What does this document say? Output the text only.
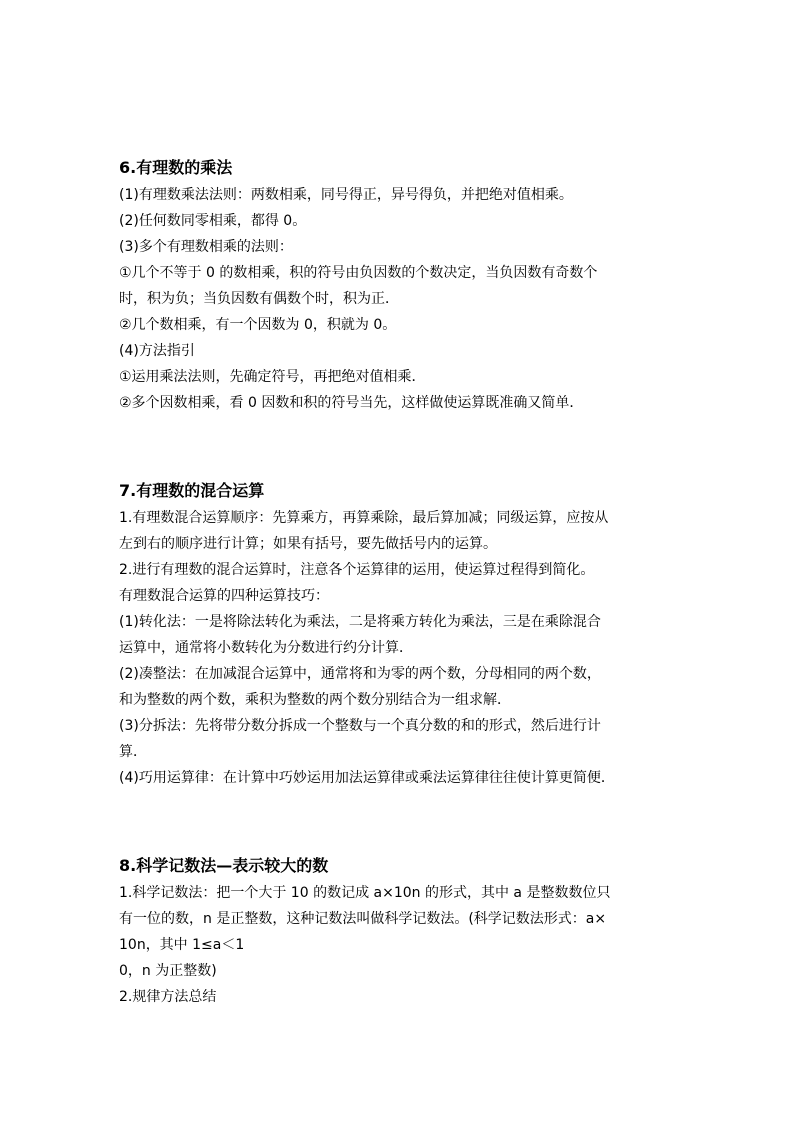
6.有理数的乘法
(1)有理数乘法法则：两数相乘，同号得正，异号得负，并把绝对值相乘。
(2)任何数同零相乘，都得 0。
(3)多个有理数相乘的法则：
①几个不等于 0 的数相乘，积的符号由负因数的个数决定，当负因数有奇数个
时，积为负；当负因数有偶数个时，积为正．
②几个数相乘，有一个因数为 0，积就为 0。
(4)方法指引
①运用乘法法则，先确定符号，再把绝对值相乘．
②多个因数相乘，看 0 因数和积的符号当先，这样做使运算既准确又简单．
7.有理数的混合运算
1.有理数混合运算顺序：先算乘方，再算乘除，最后算加减；同级运算，应按从
左到右的顺序进行计算；如果有括号，要先做括号内的运算。
2.进行有理数的混合运算时，注意各个运算律的运用，使运算过程得到简化。
有理数混合运算的四种运算技巧：
(1)转化法：一是将除法转化为乘法，二是将乘方转化为乘法，三是在乘除混合
运算中，通常将小数转化为分数进行约分计算．
(2)凑整法：在加减混合运算中，通常将和为零的两个数，分母相同的两个数，
和为整数的两个数，乘积为整数的两个数分别结合为一组求解．
(3)分拆法：先将带分数分拆成一个整数与一个真分数的和的形式，然后进行计
算．
(4)巧用运算律：在计算中巧妙运用加法运算律或乘法运算律往往使计算更简便．
8.科学记数法—表示较大的数
1.科学记数法：把一个大于 10 的数记成 a×10n 的形式，其中 a 是整数数位只
有一位的数，n 是正整数，这种记数法叫做科学记数法。(科学记数法形式：a×
10n，其中 1≤a＜1
0，n 为正整数)
2.规律方法总结
